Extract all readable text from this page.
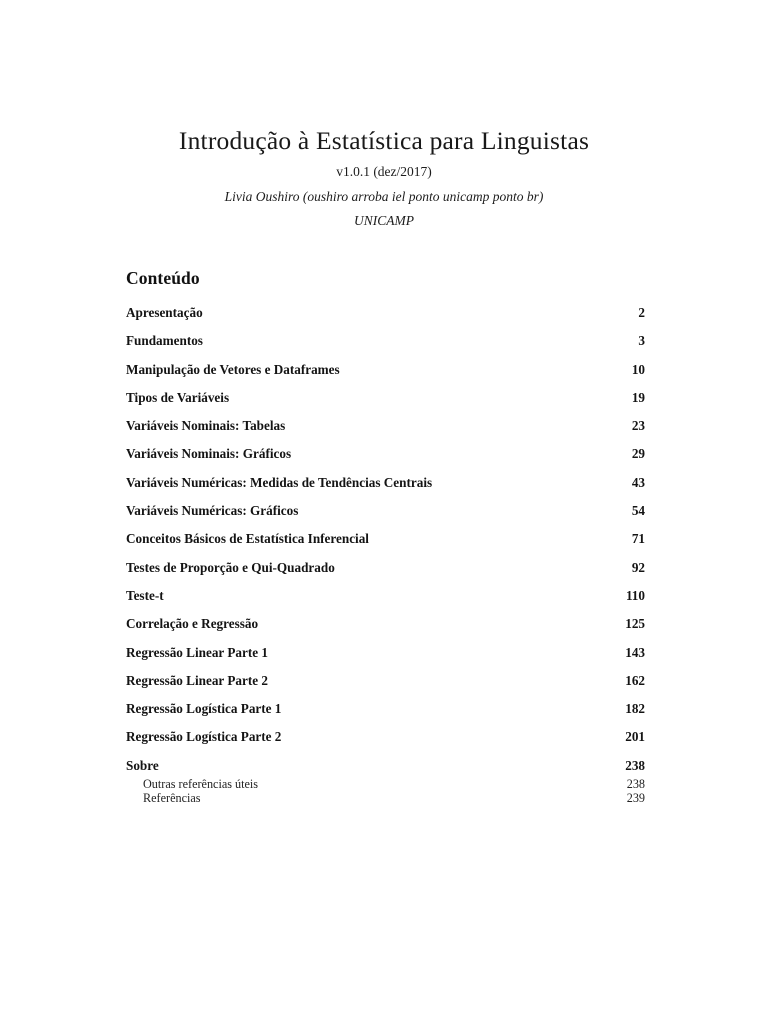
Introdução à Estatística para Linguistas
v1.0.1 (dez/2017)
Livia Oushiro (oushiro arroba iel ponto unicamp ponto br)
UNICAMP
Conteúdo
Apresentação	2
Fundamentos	3
Manipulação de Vetores e Dataframes	10
Tipos de Variáveis	19
Variáveis Nominais: Tabelas	23
Variáveis Nominais: Gráficos	29
Variáveis Numéricas: Medidas de Tendências Centrais	43
Variáveis Numéricas: Gráficos	54
Conceitos Básicos de Estatística Inferencial	71
Testes de Proporção e Qui-Quadrado	92
Teste-t	110
Correlação e Regressão	125
Regressão Linear Parte 1	143
Regressão Linear Parte 2	162
Regressão Logística Parte 1	182
Regressão Logística Parte 2	201
Sobre	238
Outras referências úteis . . .	238
Referências . . .	239
